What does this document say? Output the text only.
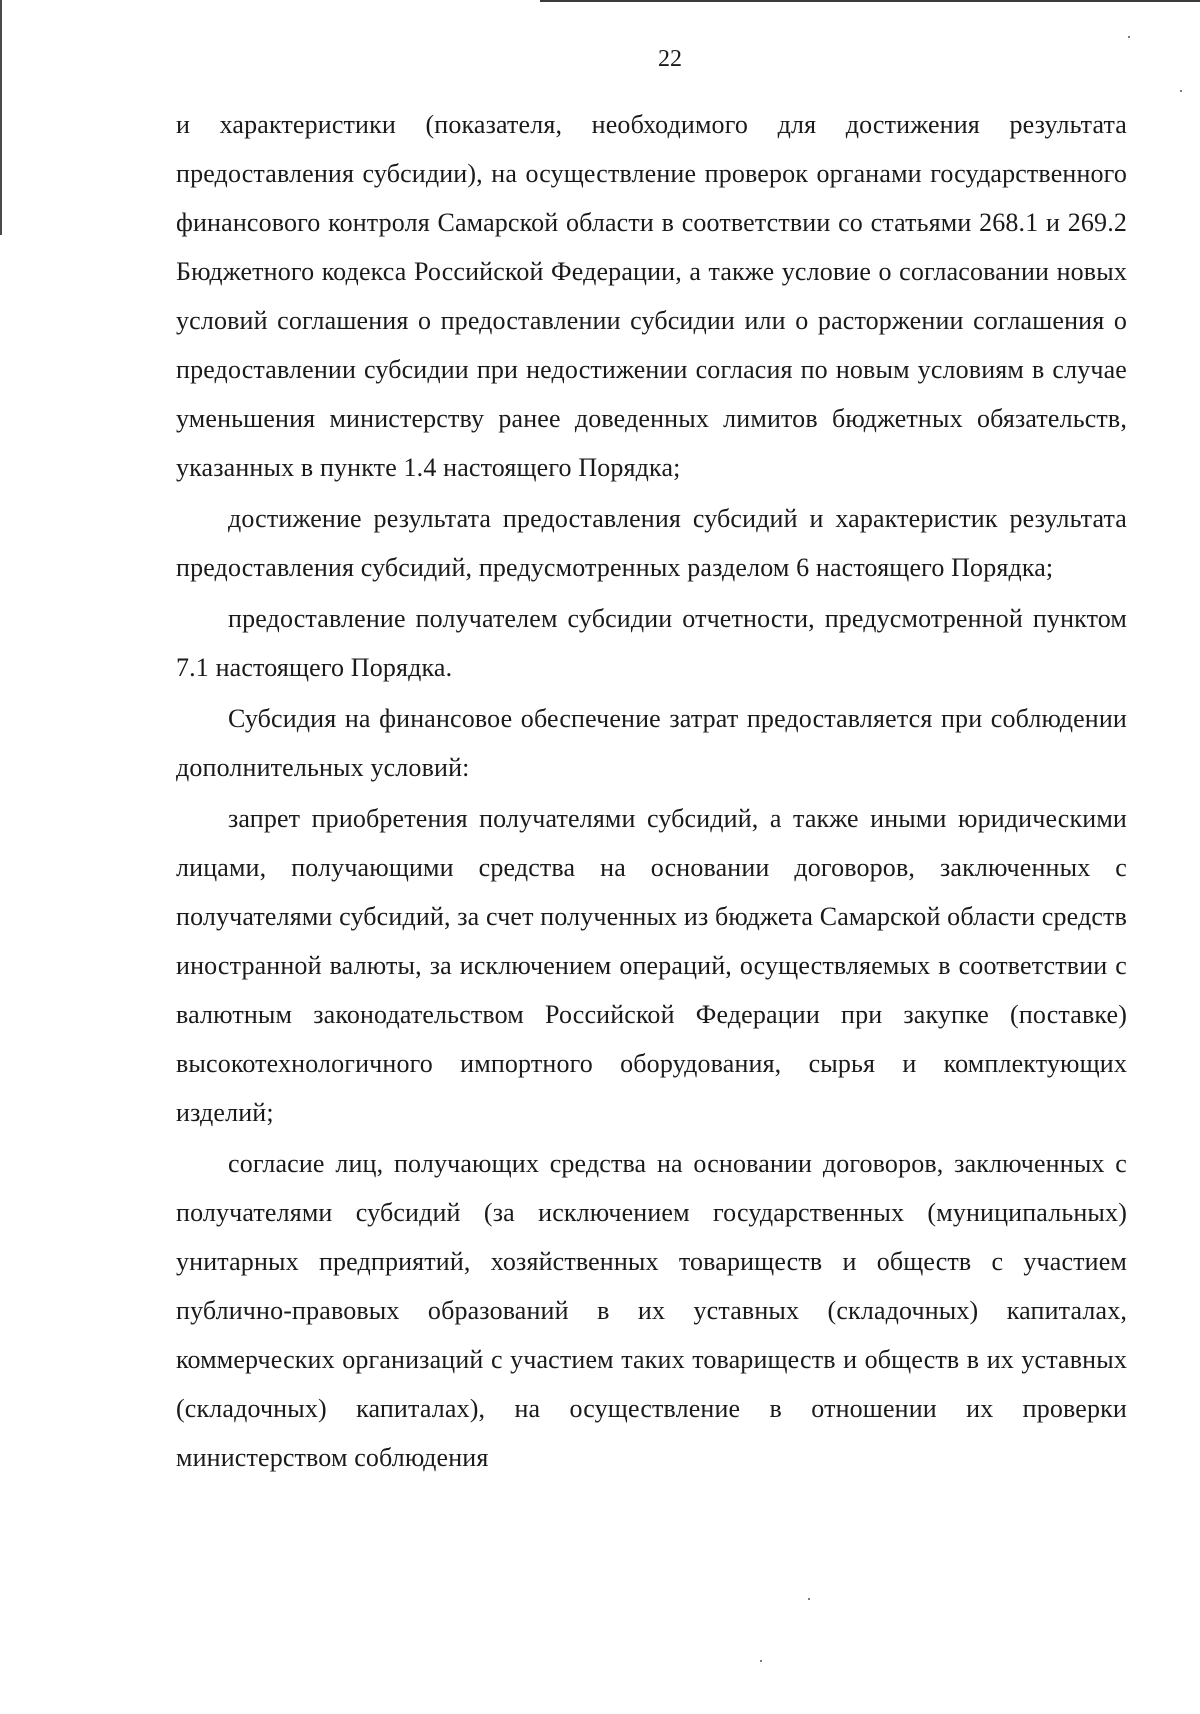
22

и характеристики (показателя, необходимого для достижения результата предоставления субсидии), на осуществление проверок органами государственного финансового контроля Самарской области в соответствии со статьями 268.1 и 269.2 Бюджетного кодекса Российской Федерации, а также условие о согласовании новых условий соглашения о предоставлении субсидии или о расторжении соглашения о предоставлении субсидии при недостижении согласия по новым условиям в случае уменьшения министерству ранее доведенных лимитов бюджетных обязательств, указанных в пункте 1.4 настоящего Порядка;

достижение результата предоставления субсидий и характеристик результата предоставления субсидий, предусмотренных разделом 6 настоящего Порядка;

предоставление получателем субсидии отчетности, предусмотренной пунктом 7.1 настоящего Порядка.

Субсидия на финансовое обеспечение затрат предоставляется при соблюдении дополнительных условий:

запрет приобретения получателями субсидий, а также иными юридическими лицами, получающими средства на основании договоров, заключенных с получателями субсидий, за счет полученных из бюджета Самарской области средств иностранной валюты, за исключением операций, осуществляемых в соответствии с валютным законодательством Российской Федерации при закупке (поставке) высокотехнологичного импортного оборудования, сырья и комплектующих изделий;

согласие лиц, получающих средства на основании договоров, заключенных с получателями субсидий (за исключением государственных (муниципальных) унитарных предприятий, хозяйственных товариществ и обществ с участием публично-правовых образований в их уставных (складочных) капиталах, коммерческих организаций с участием таких товариществ и обществ в их уставных (складочных) капиталах), на осуществление в отношении их проверки министерством соблюдения
